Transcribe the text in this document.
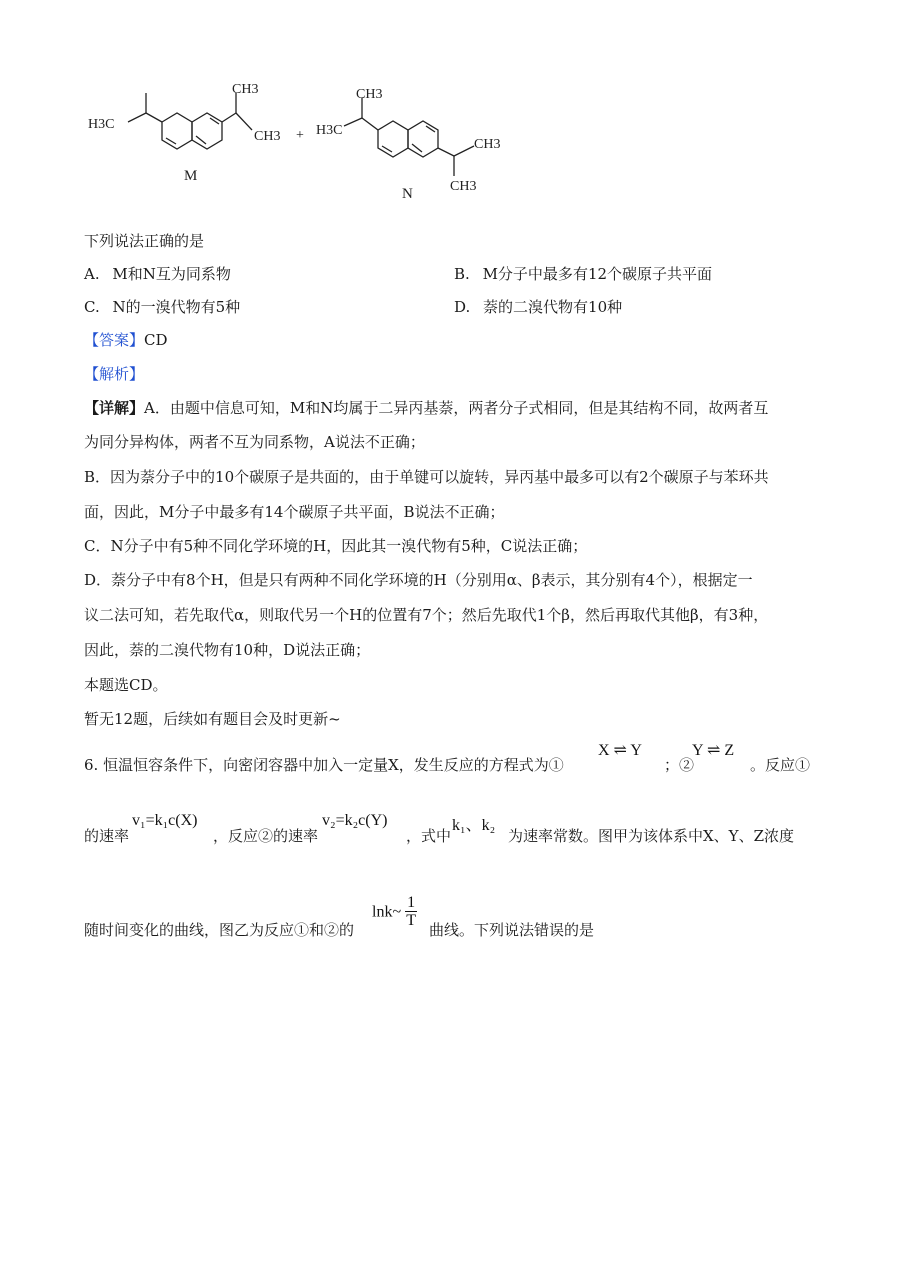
H3C
CH3
CH3
M
+
CH3
H3C
CH3
CH3
N
下列说法正确的是
A. M和N互为同系物	B. M分子中最多有12个碳原子共平面
C. N的一溴代物有5种	D. 萘的二溴代物有10种
【答案】CD
【解析】
【详解】A．由题中信息可知，M和N均属于二异丙基萘，两者分子式相同，但是其结构不同，故两者互
为同分异构体，两者不互为同系物，A说法不正确；
B．因为萘分子中的10个碳原子是共面的，由于单键可以旋转，异丙基中最多可以有2个碳原子与苯环共
面，因此，M分子中最多有14个碳原子共平面，B说法不正确；
C．N分子中有5种不同化学环境的H，因此其一溴代物有5种，C说法正确；
D．萘分子中有8个H，但是只有两种不同化学环境的H（分别用α、β表示，其分别有4个），根据定一
议二法可知，若先取代α，则取代另一个H的位置有7个；然后先取代1个β，然后再取代其他β，有3种，
因此，萘的二溴代物有10种，D说法正确；
本题选CD。
暂无12题，后续如有题目会及时更新~
6. 恒温恒容条件下，向密闭容器中加入一定量X，发生反应的方程式为①
X ⇌ Y
；②
Y ⇌ Z
。反应①
的速率
v₁=k₁c(X)
，反应②的速率
v₂=k₂c(Y)
，式中
k₁、k₂
为速率常数。图甲为该体系中X、Y、Z浓度
随时间变化的曲线，图乙为反应①和②的
lnk~ $\frac{1}{T}$ 曲线。下列说法错误的是
